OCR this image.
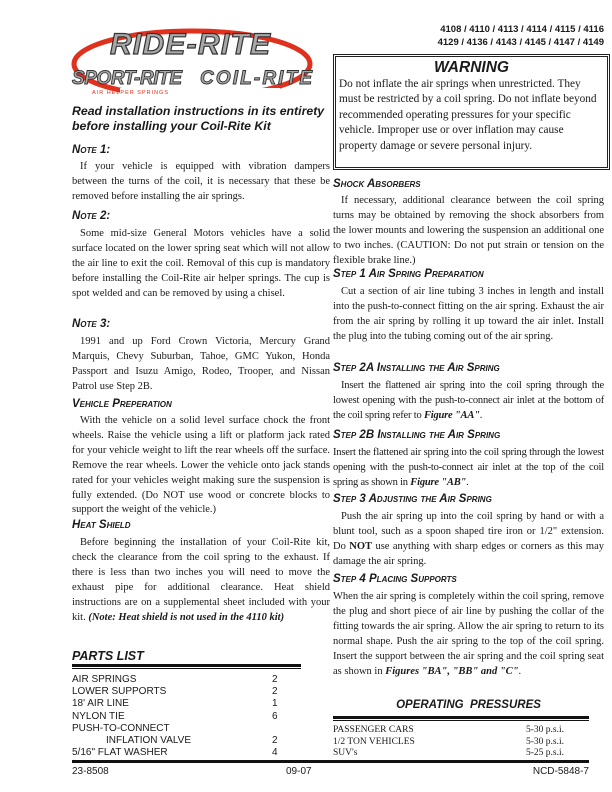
RIDE-RITE
SPORT-RITE COIL-RITE
AIR HELPER SPRINGS
4108 / 4110 / 4113 / 4114 / 4115 / 4116
4129 / 4136 / 4143 / 4145 / 4147 / 4149
WARNING
Do not inflate the air springs when unrestricted. They must be restricted by a coil spring. Do not inflate beyond recommended operating pressures for your specific vehicle. Improper use or over inflation may cause property damage or severe personal injury.
Read installation instructions in its entirety before installing your Coil-Rite Kit
Note 1:
If your vehicle is equipped with vibration dampers between the turns of the coil, it is necessary that these be removed before installing the air springs.
Note 2:
Some mid-size General Motors vehicles have a solid surface located on the lower spring seat which will not allow the air line to exit the coil. Removal of this cup is mandatory before installing the Coil-Rite air helper springs. The cup is spot welded and can be removed by using a chisel.
Note 3:
1991 and up Ford Crown Victoria, Mercury Grand Marquis, Chevy Suburban, Tahoe, GMC Yukon, Honda Passport and Isuzu Amigo, Rodeo, Trooper, and Nissan Patrol use Step 2B.
Vehicle Preperation
With the vehicle on a solid level surface chock the front wheels. Raise the vehicle using a lift or platform jack rated for your vehicle weight to lift the rear wheels off the surface. Remove the rear wheels. Lower the vehicle onto jack stands rated for your vehicles weight making sure the suspension is fully extended. (Do NOT use wood or concrete blocks to support the weight of the vehicle.)
Heat Shield
Before beginning the installation of your Coil-Rite kit, check the clearance from the coil spring to the exhaust. If there is less than two inches you will need to move the exhaust pipe for additional clearance. Heat shield instructions are on a supplemental sheet included with your kit. (Note: Heat shield is not used in the 4110 kit)
Shock Absorbers
If necessary, additional clearance between the coil spring turns may be obtained by removing the shock absorbers from the lower mounts and lowering the suspension an additional one to two inches. (CAUTION: Do not put strain or tension on the flexible brake line.)
Step 1 Air Spring Preparation
Cut a section of air line tubing 3 inches in length and install into the push-to-connect fitting on the air spring. Exhaust the air from the air spring by rolling it up toward the air inlet. Install the plug into the tubing coming out of the air spring.
Step 2A Installing the Air Spring
Insert the flattened air spring into the coil spring through the lowest opening with the push-to-connect air inlet at the bottom of the coil spring refer to Figure "AA".
Step 2B Installing the Air Spring
Insert the flattened air spring into the coil spring through the lowest opening with the push-to-connect air inlet at the top of the coil spring as shown in Figure "AB".
Step 3 Adjusting the Air Spring
Push the air spring up into the coil spring by hand or with a blunt tool, such as a spoon shaped tire iron or 1/2" extension. Do NOT use anything with sharp edges or corners as this may damage the air spring.
Step 4 Placing Supports
When the air spring is completely within the coil spring, remove the plug and short piece of air line by pushing the collar of the fitting towards the air spring. Allow the air spring to return to its normal shape. Push the air spring to the top of the coil spring. Insert the support between the air spring and the coil spring seat as shown in Figures "BA", "BB" and "C".
PARTS LIST
AIR SPRINGS	2
LOWER SUPPORTS	2
18' AIR LINE	1
NYLON TIE	6
PUSH-TO-CONNECT
INFLATION VALVE	2
5/16" FLAT WASHER	4
OPERATING  PRESSURES
PASSENGER CARS	5-30 p.s.i.
1/2 TON VEHICLES	5-30 p.s.i.
SUV's	5-25 p.s.i.
23-8508	09-07	NCD-5848-7
